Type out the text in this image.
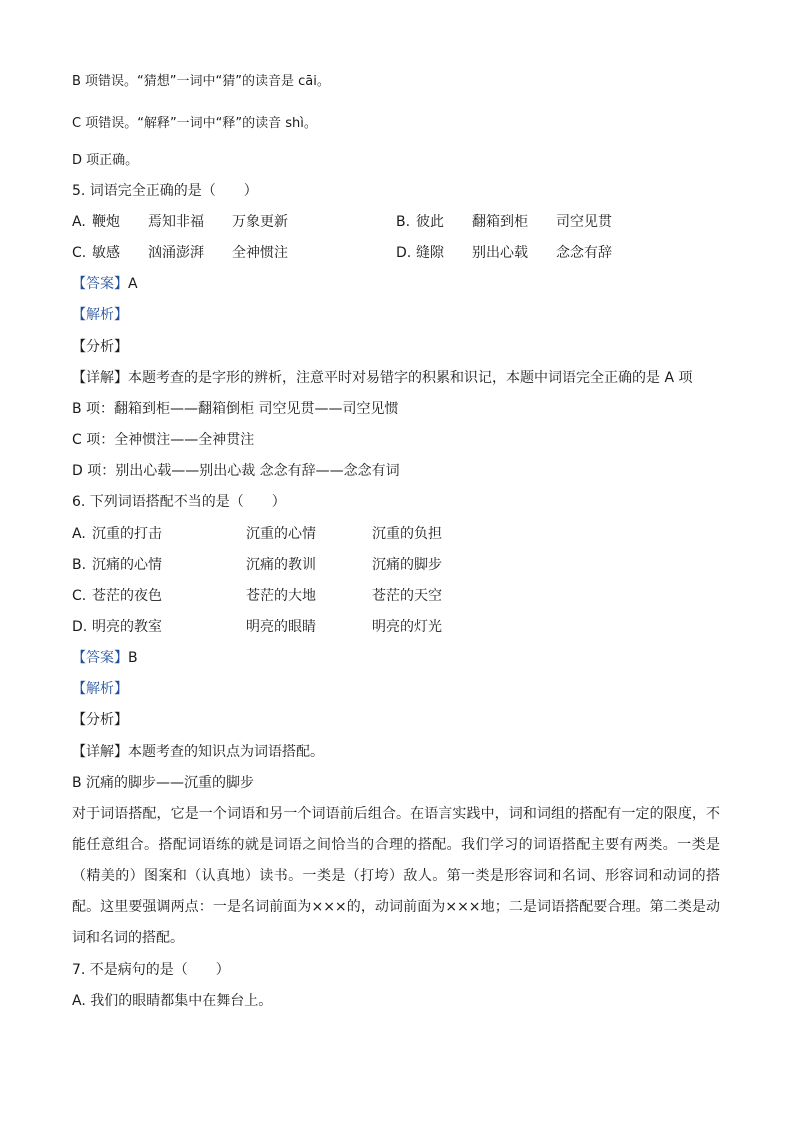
B 项错误。“猜想”一词中“猜”的读音是 cāi。
C 项错误。“解释”一词中“释”的读音 shì。
D 项正确。
5. 词语完全正确的是（　　）
A. 鞭炮 焉知非福 万象更新	B. 彼此 翻箱到柜 司空见贯
C. 敏感 汹涌澎湃 全神惯注	D. 缝隙 别出心载 念念有辞
【答案】A
【解析】
【分析】
【详解】本题考查的是字形的辨析，注意平时对易错字的积累和识记，本题中词语完全正确的是 A 项
B 项：翻箱到柜——翻箱倒柜 司空见贯——司空见惯
C 项：全神惯注——全神贯注
D 项：别出心载——别出心裁 念念有辞——念念有词
6. 下列词语搭配不当的是（　　）
A. 沉重的打击	沉重的心情	沉重的负担
B. 沉痛的心情	沉痛的教训	沉痛的脚步
C. 苍茫的夜色	苍茫的大地	苍茫的天空
D. 明亮的教室	明亮的眼睛	明亮的灯光
【答案】B
【解析】
【分析】
【详解】本题考查的知识点为词语搭配。
B 沉痛的脚步——沉重的脚步
对于词语搭配，它是一个词语和另一个词语前后组合。在语言实践中，词和词组的搭配有一定的限度，不能任意组合。搭配词语练的就是词语之间恰当的合理的搭配。我们学习的词语搭配主要有两类。一类是（精美的）图案和（认真地）读书。一类是（打垮）敌人。第一类是形容词和名词、形容词和动词的搭配。这里要强调两点：一是名词前面为×××的，动词前面为×××地；二是词语搭配要合理。第二类是动词和名词的搭配。
7. 不是病句的是（　　）
A. 我们的眼睛都集中在舞台上。
